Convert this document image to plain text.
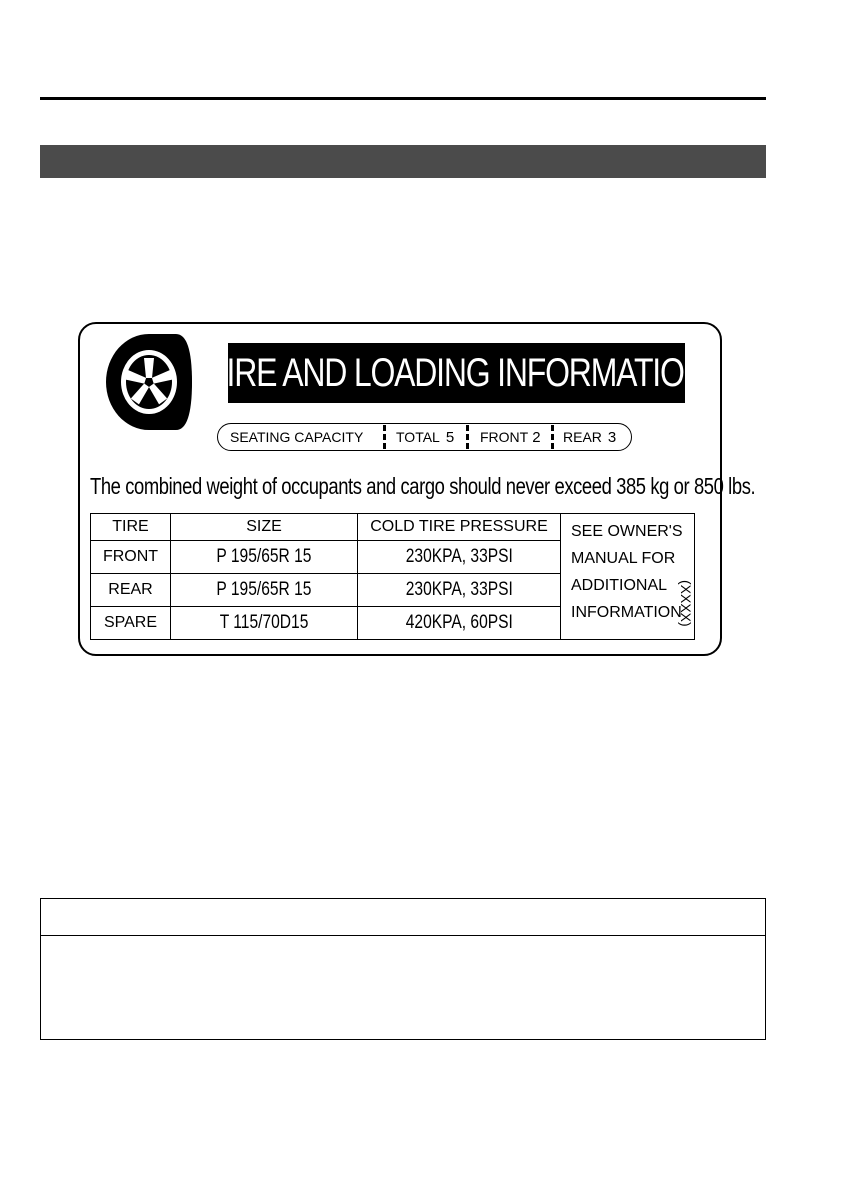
TIRE AND LOADING INFORMATION
SEATING CAPACITY TOTAL 5 FRONT 2 REAR 3
The combined weight of occupants and cargo should never exceed 385 kg or 850 lbs.
TIRE	SIZE	COLD TIRE PRESSURE	SEE OWNER'S
MANUAL FOR
ADDITIONAL
INFORMATION

FRONT	P 195/65R 15	230KPA, 33PSI	
REAR	P 195/65R 15	230KPA, 33PSI	
SPARE	T 115/70D15	420KPA, 60PSI		(XXXX)
